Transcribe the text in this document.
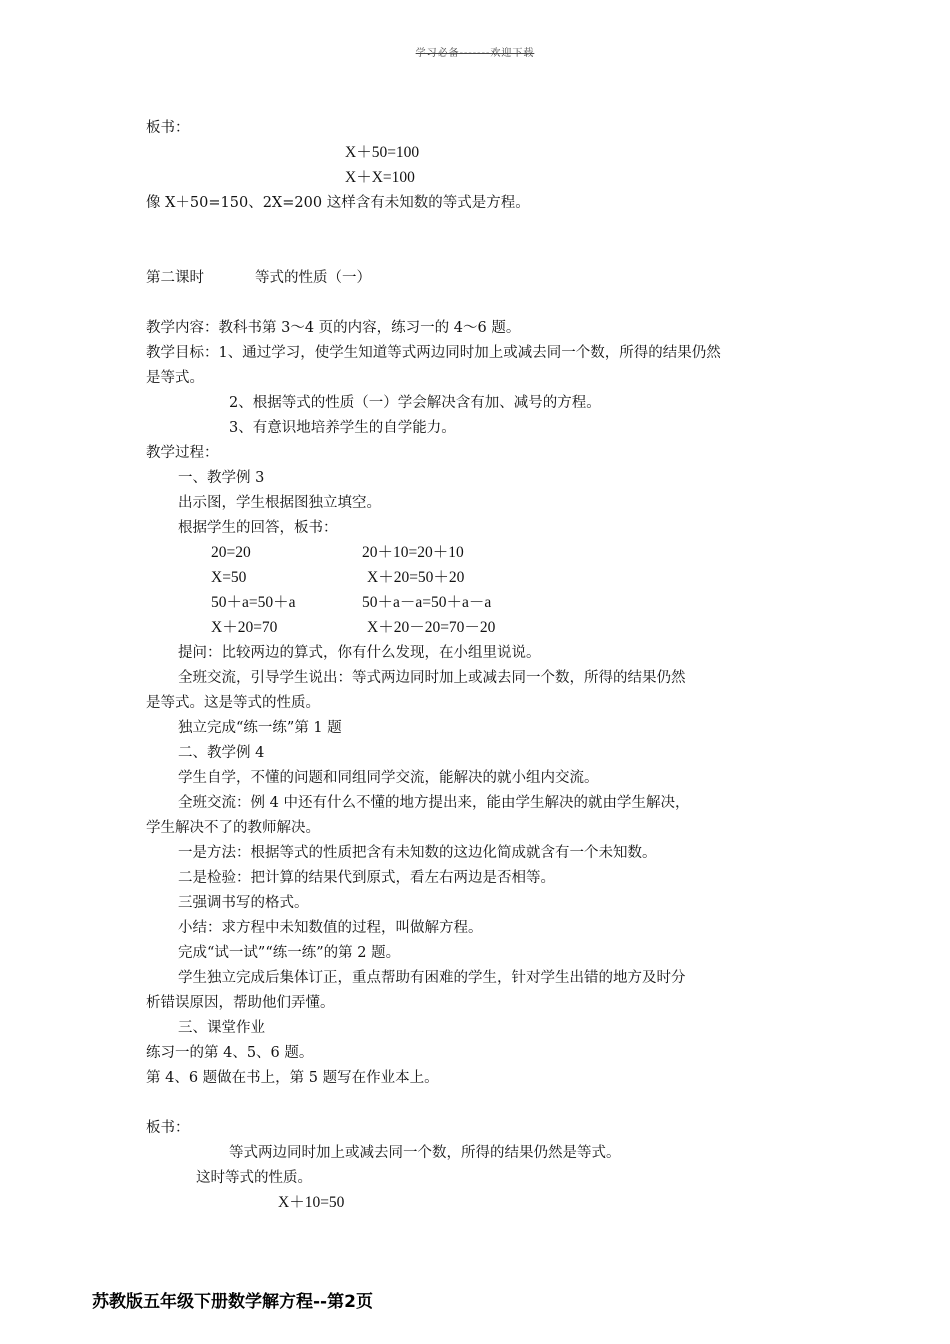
学习必备-------欢迎下载
板书：
X＋50=100
X＋X=100
像 X＋50=150、2X=200 这样含有未知数的等式是方程。
第二课时	等式的性质（一）
教学内容：教科书第 3～4 页的内容，练习一的 4～6 题。
教学目标：1、通过学习，使学生知道等式两边同时加上或减去同一个数，所得的结果仍然
是等式。
2、根据等式的性质（一）学会解决含有加、减号的方程。
3、有意识地培养学生的自学能力。
教学过程：
一、教学例 3
出示图，学生根据图独立填空。
根据学生的回答，板书：
20=20	20＋10=20＋10
X=50	X＋20=50＋20
50＋a=50＋a	50＋a－a=50＋a－a
X＋20=70	X＋20－20=70－20
提问：比较两边的算式，你有什么发现，在小组里说说。
全班交流，引导学生说出：等式两边同时加上或减去同一个数，所得的结果仍然
是等式。这是等式的性质。
独立完成“练一练”第 1 题
二、教学例 4
学生自学，不懂的问题和同组同学交流，能解决的就小组内交流。
全班交流：例 4 中还有什么不懂的地方提出来，能由学生解决的就由学生解决，
学生解决不了的教师解决。
一是方法：根据等式的性质把含有未知数的这边化简成就含有一个未知数。
二是检验：把计算的结果代到原式，看左右两边是否相等。
三强调书写的格式。
小结：求方程中未知数值的过程，叫做解方程。
完成“试一试”“练一练”的第 2 题。
学生独立完成后集体订正，重点帮助有困难的学生，针对学生出错的地方及时分
析错误原因，帮助他们弄懂。
三、课堂作业
练习一的第 4、5、6 题。
第 4、6 题做在书上，第 5 题写在作业本上。
板书：
等式两边同时加上或减去同一个数，所得的结果仍然是等式。
这时等式的性质。
X＋10=50
苏教版五年级下册数学解方程--第2页
